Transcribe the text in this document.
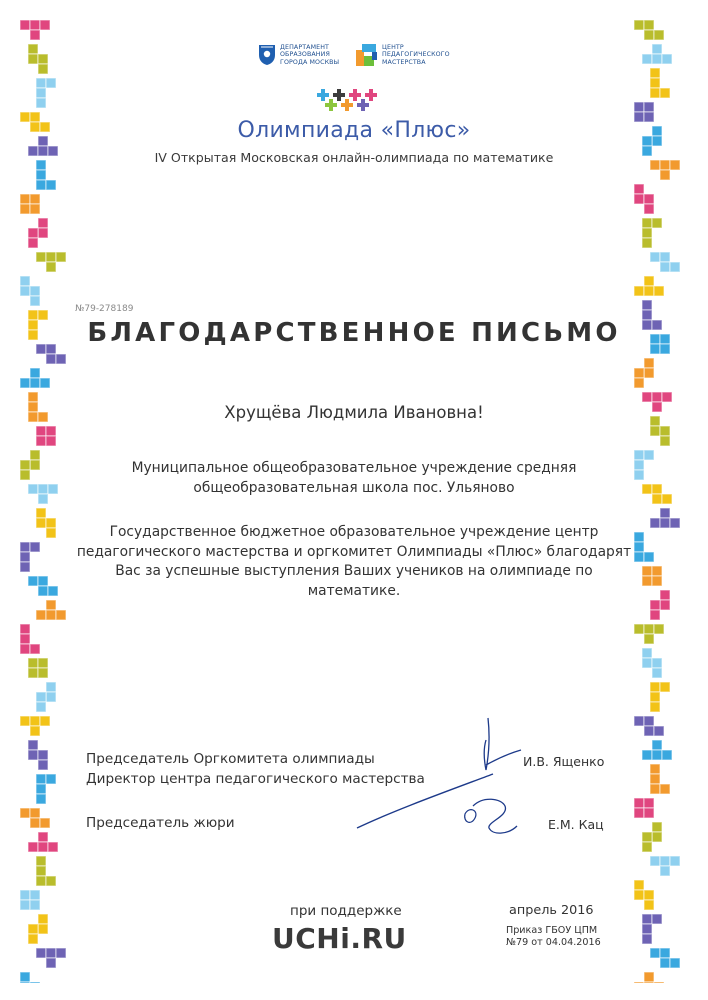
ДЕПАРТАМЕНТ
ОБРАЗОВАНИЯ
ГОРОДА МОСКВЫ
ЦЕНТР
ПЕДАГОГИЧЕСКОГО
МАСТЕРСТВА
Олимпиада «Плюс»
IV Открытая Московская онлайн-олимпиада по математике
№79-278189
БЛАГОДАРСТВЕННОЕ ПИСЬМО
Хрущёва Людмила Ивановна!
Муниципальное общеобразовательное учреждение средняя
общеобразовательная школа пос. Ульяново
Государственное бюджетное образовательное учреждение центр
педагогического мастерства и оргкомитет Олимпиады «Плюс» благодарят
Вас за успешные выступления Ваших учеников на олимпиаде по
математике.
Председатель Оргкомитета олимпиады
Директор центра педагогического мастерства
И.В. Ященко
Председатель жюри	Е.М. Кац
при поддержке
UCHi.RU
апрель 2016
Приказ ГБОУ ЦПМ
№79 от 04.04.2016
